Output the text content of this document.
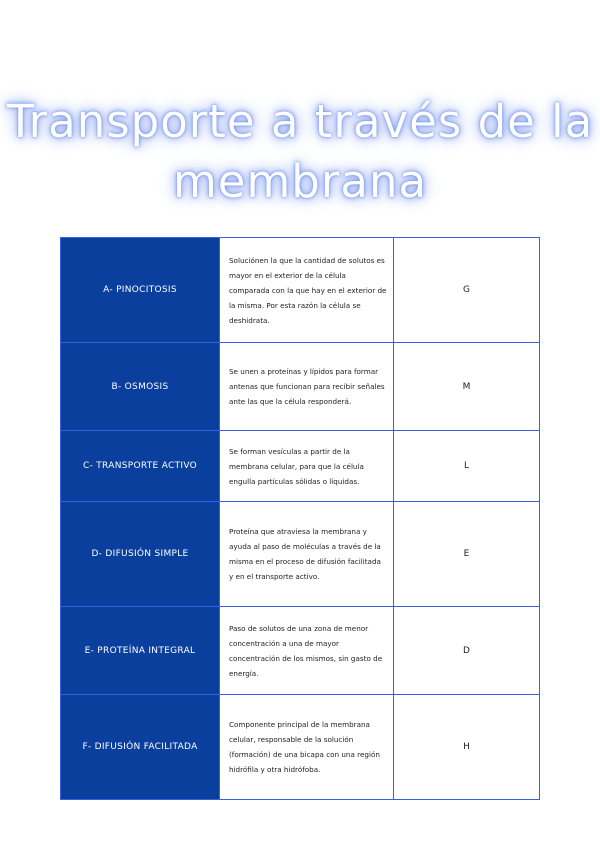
Transporte a través de la
membrana
A- PINOCITOSIS	Soluciónen la que la cantidad de solutos es mayor en el exterior de la célula comparada con la que hay en el exterior de la misma. Por esta razón la célula se deshidrata.	G
B- OSMOSIS	Se unen a proteínas y lípidos para formar antenas que funcionan para recibir señales ante las que la célula responderá.	M
C- TRANSPORTE ACTIVO	Se forman vesículas a partir de la membrana celular, para que la célula engulla partículas sólidas o líquidas.	L
D- DIFUSIÓN SIMPLE	Proteína que atraviesa la membrana y ayuda al paso de moléculas a través de la misma en el proceso de difusión facilitada y en el transporte activo.	E
E- PROTEÍNA INTEGRAL	Paso de solutos de una zona de menor concentración a una de mayor concentración de los mismos, sin gasto de energía.	D
F- DIFUSIÓN FACILITADA	Componente principal de la membrana celular, responsable de la solución (formación) de una bicapa con una región hidrófila y otra hidrófoba.	H
